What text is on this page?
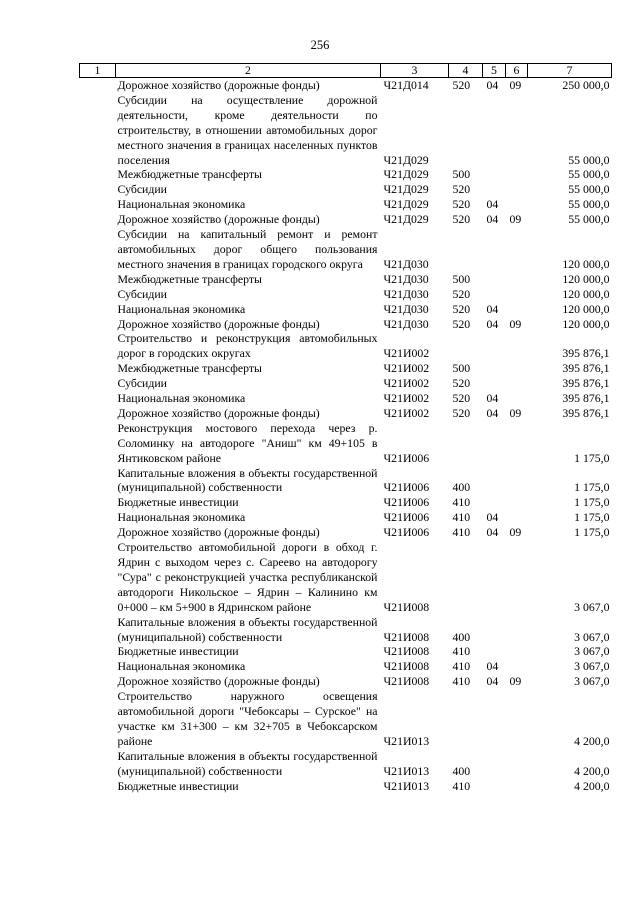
256
1	2	3	4	5	6	7
	Дорожное хозяйство (дорожные фонды)	Ч21Д014	520	04	09	250 000,0
	Субсидии на осуществление дорожной деятельности, кроме деятельности по строительству, в отношении автомобильных дорог местного значения в границах населенных пунктов поселения	Ч21Д029				55 000,0
	Межбюджетные трансферты	Ч21Д029	500			55 000,0
	Субсидии	Ч21Д029	520			55 000,0
	Национальная экономика	Ч21Д029	520	04		55 000,0
	Дорожное хозяйство (дорожные фонды)	Ч21Д029	520	04	09	55 000,0
	Субсидии на капитальный ремонт и ремонт автомобильных дорог общего пользования местного значения в границах городского округа	Ч21Д030				120 000,0
	Межбюджетные трансферты	Ч21Д030	500			120 000,0
	Субсидии	Ч21Д030	520			120 000,0
	Национальная экономика	Ч21Д030	520	04		120 000,0
	Дорожное хозяйство (дорожные фонды)	Ч21Д030	520	04	09	120 000,0
	Строительство и реконструкция автомобильных дорог в городских округах	Ч21И002				395 876,1
	Межбюджетные трансферты	Ч21И002	500			395 876,1
	Субсидии	Ч21И002	520			395 876,1
	Национальная экономика	Ч21И002	520	04		395 876,1
	Дорожное хозяйство (дорожные фонды)	Ч21И002	520	04	09	395 876,1
	Реконструкция мостового перехода через р. Соломинку на автодороге "Аниш" км 49+105 в Янтиковском районе	Ч21И006				1 175,0
	Капитальные вложения в объекты государственной (муниципальной) собственности	Ч21И006	400			1 175,0
	Бюджетные инвестиции	Ч21И006	410			1 175,0
	Национальная экономика	Ч21И006	410	04		1 175,0
	Дорожное хозяйство (дорожные фонды)	Ч21И006	410	04	09	1 175,0
	Строительство автомобильной дороги в обход г. Ядрин с выходом через с. Сареево на автодорогу "Сура" с реконструкцией участка республиканской автодороги Никольское – Ядрин – Калинино км 0+000 – км 5+900 в Ядринском районе	Ч21И008				3 067,0
	Капитальные вложения в объекты государственной (муниципальной) собственности	Ч21И008	400			3 067,0
	Бюджетные инвестиции	Ч21И008	410			3 067,0
	Национальная экономика	Ч21И008	410	04		3 067,0
	Дорожное хозяйство (дорожные фонды)	Ч21И008	410	04	09	3 067,0
	Строительство наружного освещения автомобильной дороги "Чебоксары – Сурское" на участке км 31+300 – км 32+705 в Чебоксарском районе	Ч21И013				4 200,0
	Капитальные вложения в объекты государственной (муниципальной) собственности	Ч21И013	400			4 200,0
	Бюджетные инвестиции	Ч21И013	410			4 200,0
